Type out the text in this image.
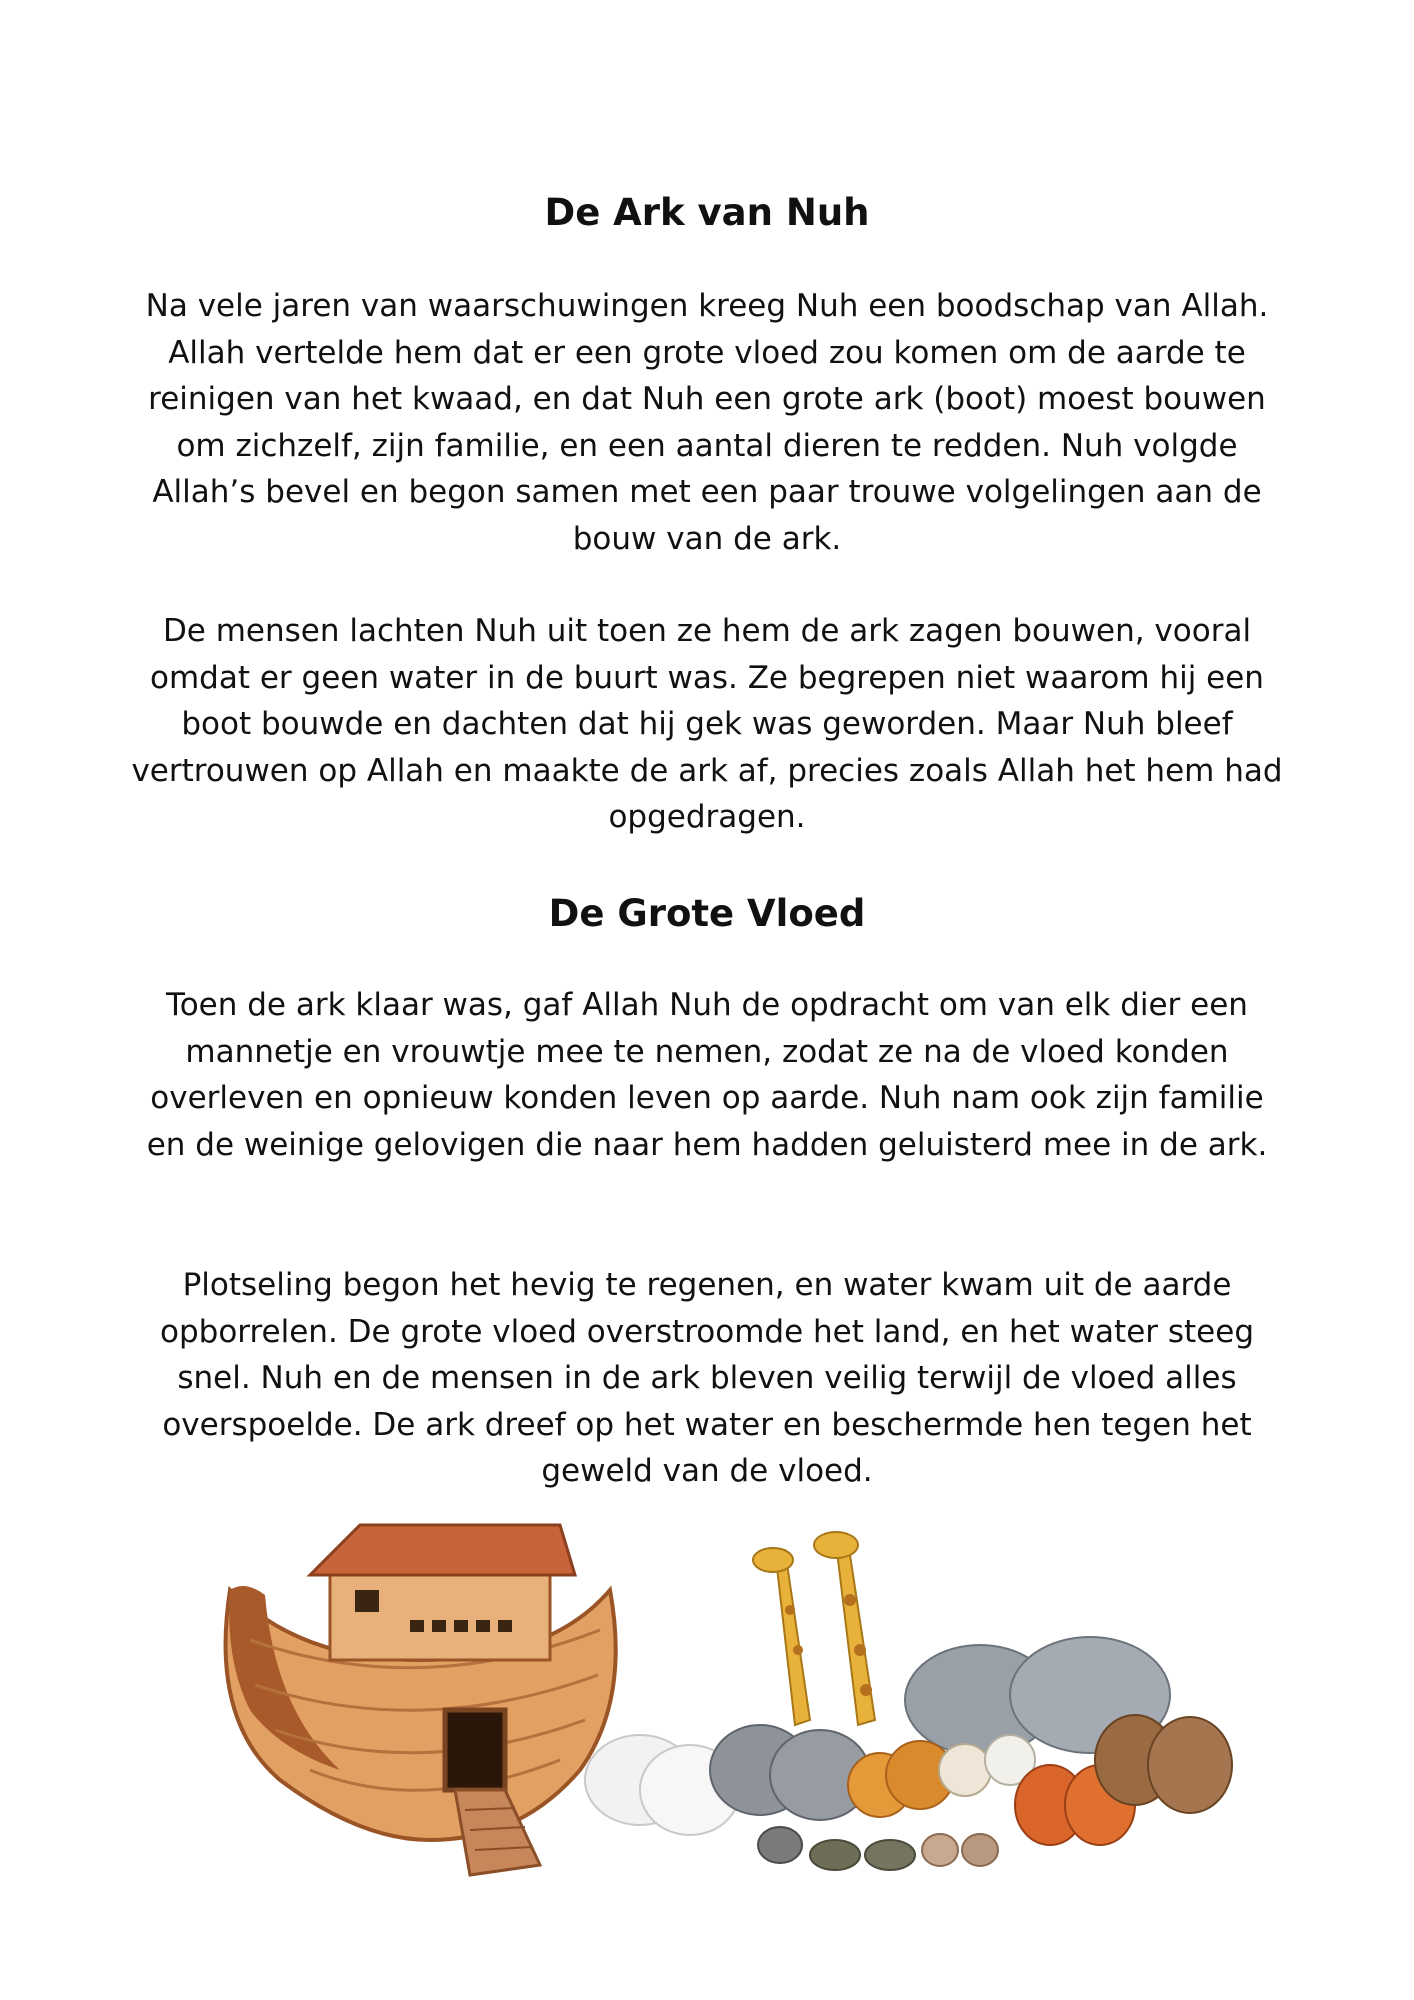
De Ark van Nuh

Na vele jaren van waarschuwingen kreeg Nuh een boodschap van Allah. Allah vertelde hem dat er een grote vloed zou komen om de aarde te reinigen van het kwaad, en dat Nuh een grote ark (boot) moest bouwen om zichzelf, zijn familie, en een aantal dieren te redden. Nuh volgde Allah’s bevel en begon samen met een paar trouwe volgelingen aan de bouw van de ark.

De mensen lachten Nuh uit toen ze hem de ark zagen bouwen, vooral omdat er geen water in de buurt was. Ze begrepen niet waarom hij een boot bouwde en dachten dat hij gek was geworden. Maar Nuh bleef vertrouwen op Allah en maakte de ark af, precies zoals Allah het hem had opgedragen.

De Grote Vloed

Toen de ark klaar was, gaf Allah Nuh de opdracht om van elk dier een mannetje en vrouwtje mee te nemen, zodat ze na de vloed konden overleven en opnieuw konden leven op aarde. Nuh nam ook zijn familie en de weinige gelovigen die naar hem hadden geluisterd mee in de ark.

Plotseling begon het hevig te regenen, en water kwam uit de aarde opborrelen. De grote vloed overstroomde het land, en het water steeg snel. Nuh en de mensen in de ark bleven veilig terwijl de vloed alles overspoelde. De ark dreef op het water en beschermde hen tegen het geweld van de vloed.
